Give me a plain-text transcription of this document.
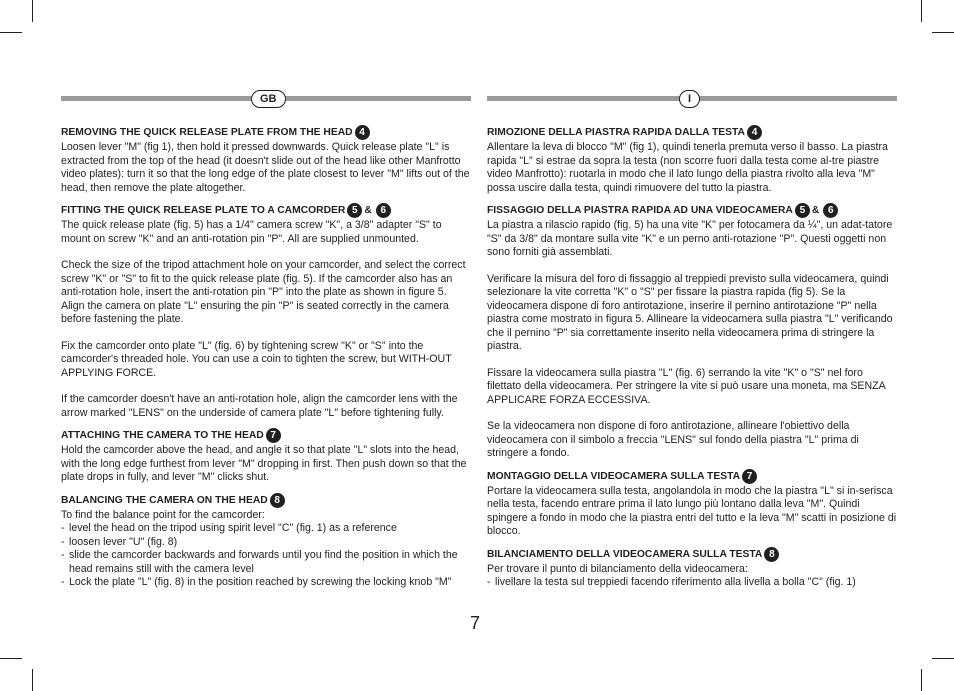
GB
REMOVING THE QUICK RELEASE PLATE FROM THE HEAD 4

Loosen lever "M" (fig 1), then hold it pressed downwards. Quick release plate "L" is extracted from the top of the head (it doesn't slide out of the head like other Manfrotto video plates): turn it so that the long edge of the plate closest to lever "M" lifts out of the head, then remove the plate altogether.

FITTING THE QUICK RELEASE PLATE TO A CAMCORDER 5 & 6

The quick release plate (fig. 5) has a 1/4" camera screw "K", a 3/8" adapter "S" to mount on screw "K" and an anti-rotation pin "P". All are supplied unmounted.

Check the size of the tripod attachment hole on your camcorder, and select the correct screw "K" or "S" to fit to the quick release plate (fig. 5). If the camcorder also has an anti-rotation hole, insert the anti-rotation pin "P" into the plate as shown in figure 5. Align the camera on plate "L" ensuring the pin "P" is seated correctly in the camera before fastening the plate.

Fix the camcorder onto plate "L" (fig. 6) by tightening screw "K" or "S" into the camcorder's threaded hole. You can use a coin to tighten the screw, but WITH-OUT APPLYING FORCE.

If the camcorder doesn't have an anti-rotation hole, align the camcorder lens with the arrow marked "LENS" on the underside of camera plate "L" before tightening fully.

ATTACHING THE CAMERA TO THE HEAD 7

Hold the camcorder above the head, and angle it so that plate "L" slots into the head, with the long edge furthest from lever "M" dropping in first. Then push down so that the plate drops in fully, and lever "M" clicks shut.

BALANCING THE CAMERA ON THE HEAD 8

To find the balance point for the camcorder:

- level the head on the tripod using spirit level "C" (fig. 1) as a reference
- loosen lever "U" (fig. 8)
- slide the camcorder backwards and forwards until you find the position in which the head remains still with the camera level
- Lock the plate "L" (fig. 8) in the position reached by screwing the locking knob "M"
I
RIMOZIONE DELLA PIASTRA RAPIDA DALLA TESTA 4

Allentare la leva di blocco "M" (fig 1), quindi tenerla premuta verso il basso. La piastra rapida "L" si estrae da sopra la testa (non scorre fuori dalla testa come al-tre piastre video Manfrotto): ruotarla in modo che il lato lungo della piastra rivolto alla leva "M" possa uscire dalla testa, quindi rimuovere del tutto la piastra.

FISSAGGIO DELLA PIASTRA RAPIDA AD UNA VIDEOCAMERA 5 & 6

La piastra a rilascio rapido (fig. 5) ha una vite "K" per fotocamera da ¼", un adat-tatore "S" da 3/8" da montare sulla vite "K" e un perno anti-rotazione "P". Questi oggetti non sono forniti già assemblati.

Verificare la misura del foro di fissaggio al treppiedi previsto sulla videocamera, quindi selezionare la vite corretta "K" o "S" per fissare la piastra rapida (fig 5). Se la videocamera dispone di foro antirotazione, inserire il pernino antirotazione "P" nella piastra come mostrato in figura 5. Allineare la videocamera sulla piastra "L" verificando che il pernino "P" sia correttamente inserito nella videocamera prima di stringere la piastra.

Fissare la videocamera sulla piastra "L" (fig. 6) serrando la vite "K" o "S" nel foro filettato della videocamera. Per stringere la vite si può usare una moneta, ma SENZA APPLICARE FORZA ECCESSIVA.

Se la videocamera non dispone di foro antirotazione, allineare l'obiettivo della videocamera con il simbolo a freccia "LENS" sul fondo della piastra "L" prima di stringere a fondo.

MONTAGGIO DELLA VIDEOCAMERA SULLA TESTA 7

Portare la videocamera sulla testa, angolandola in modo che la piastra "L" si in-serisca nella testa, facendo entrare prima il lato lungo più lontano dalla leva "M". Quindi spingere a fondo in modo che la piastra entri del tutto e la leva "M" scatti in posizione di blocco.

BILANCIAMENTO DELLA VIDEOCAMERA SULLA TESTA 8

Per trovare il punto di bilanciamento della videocamera:

- livellare la testa sul treppiedi facendo riferimento alla livella a bolla "C" (fig. 1)
7
